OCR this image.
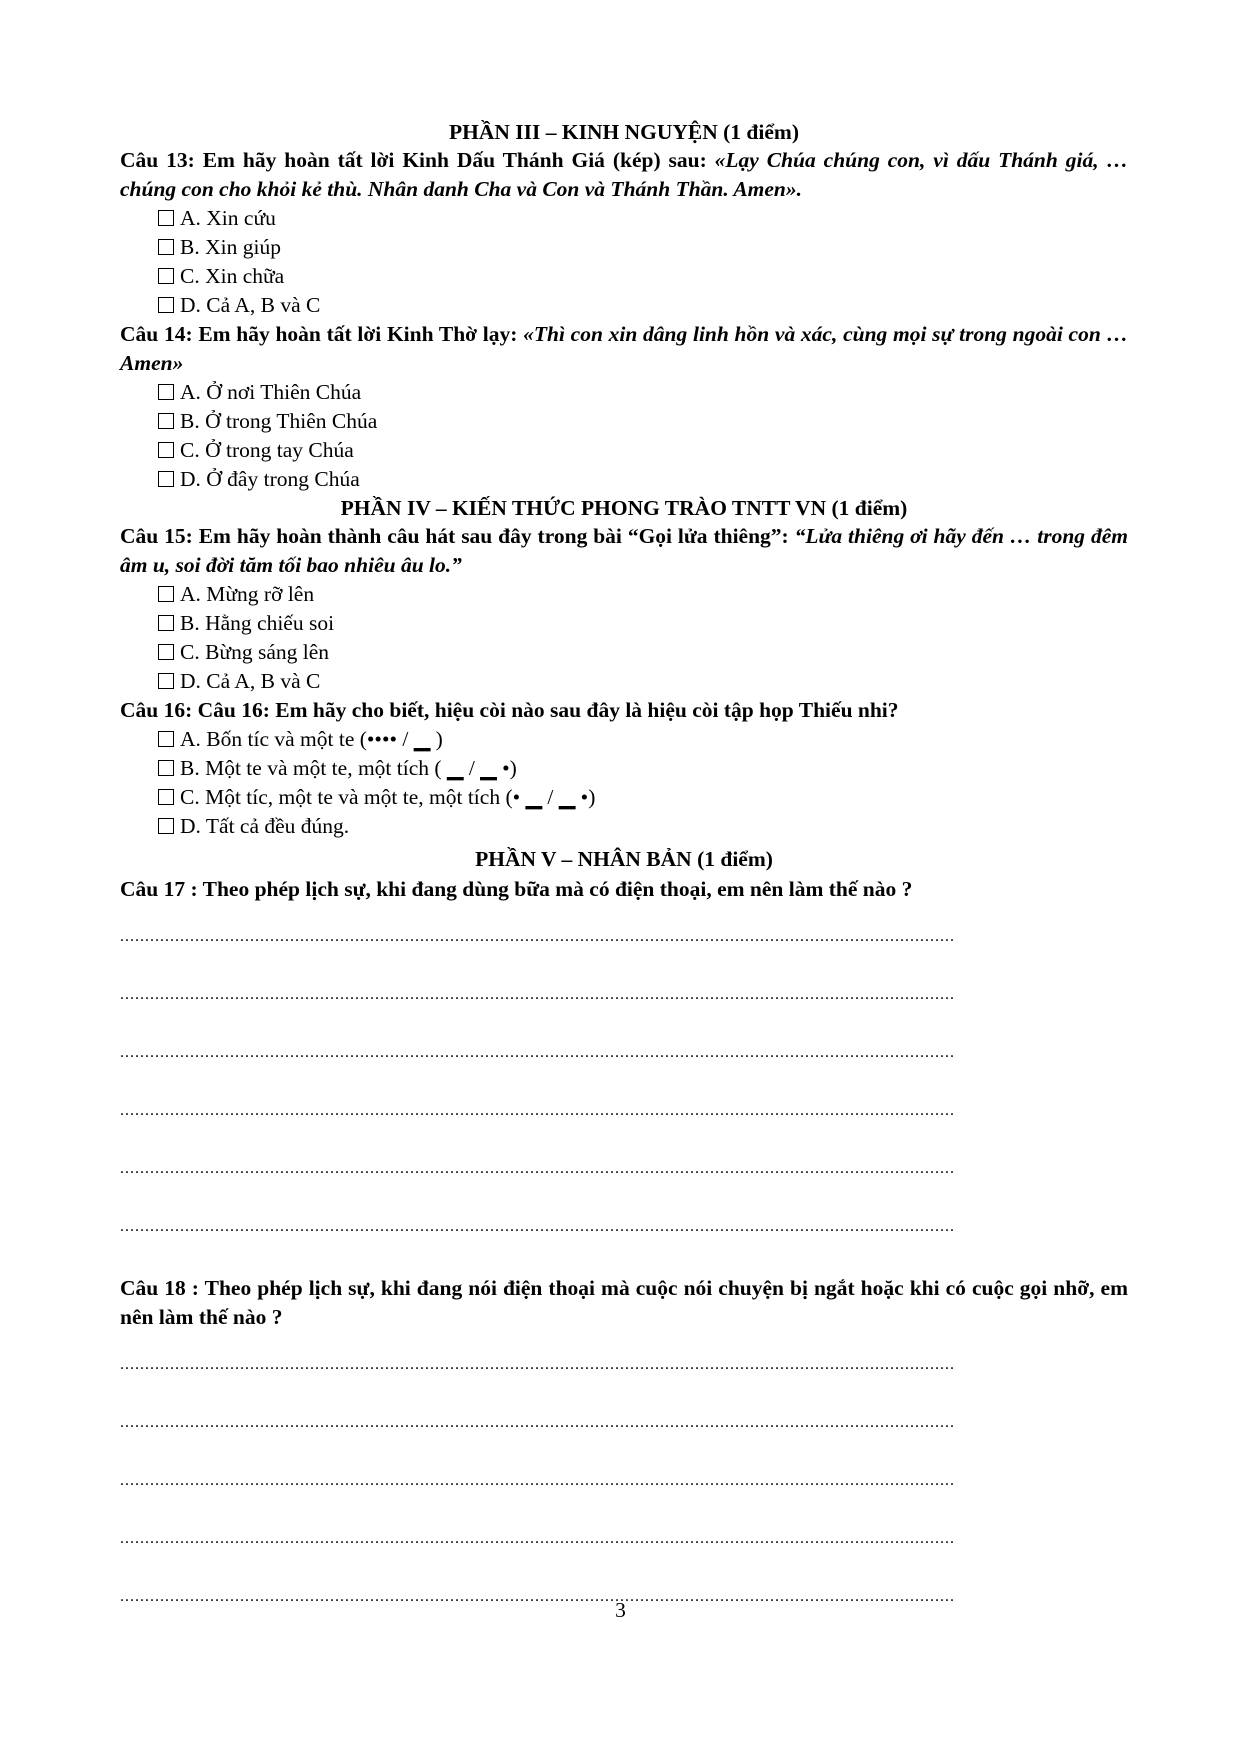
PHẦN III – KINH NGUYỆN (1 điểm)
Câu 13: Em hãy hoàn tất lời Kinh Dấu Thánh Giá (kép) sau: «Lạy Chúa chúng con, vì dấu Thánh giá, … chúng con cho khỏi kẻ thù. Nhân danh Cha và Con và Thánh Thần. Amen».
A. Xin cứu
B. Xin giúp
C. Xin chữa
D. Cả A, B và C
Câu 14: Em hãy hoàn tất lời Kinh Thờ lạy: «Thì con xin dâng linh hồn và xác, cùng mọi sự trong ngoài con … Amen»
A. Ở nơi Thiên Chúa
B. Ở trong Thiên Chúa
C. Ở trong tay Chúa
D. Ở đây trong Chúa
PHẦN IV – KIẾN THỨC PHONG TRÀO TNTT VN (1 điểm)
Câu 15: Em hãy hoàn thành câu hát sau đây trong bài “Gọi lửa thiêng”: “Lửa thiêng ơi hãy đến … trong đêm âm u, soi đời tăm tối bao nhiêu âu lo.”
A. Mừng rỡ lên
B. Hằng chiếu soi
C. Bừng sáng lên
D. Cả A, B và C
Câu 16: Câu 16: Em hãy cho biết, hiệu còi nào sau đây là hiệu còi tập họp Thiếu nhi?
A. Bốn tíc và một te (•••• / ▁ )
B. Một te và một te, một tích ( ▁ / ▁ •)
C. Một tíc, một te và một te, một tích (• ▁ / ▁ •)
D. Tất cả đều đúng.
PHẦN V – NHÂN BẢN (1 điểm)
Câu 17 : Theo phép lịch sự, khi đang dùng bữa mà có điện thoại, em nên làm thế nào ?
.......................................................................................................................................................................
.......................................................................................................................................................................
.......................................................................................................................................................................
.......................................................................................................................................................................
.......................................................................................................................................................................
.......................................................................................................................................................................
Câu 18 : Theo phép lịch sự, khi đang nói điện thoại mà cuộc nói chuyện bị ngắt hoặc khi có cuộc gọi nhỡ, em nên làm thế nào ?
.......................................................................................................................................................................
.......................................................................................................................................................................
.......................................................................................................................................................................
.......................................................................................................................................................................
.......................................................................................................................................................................
3
